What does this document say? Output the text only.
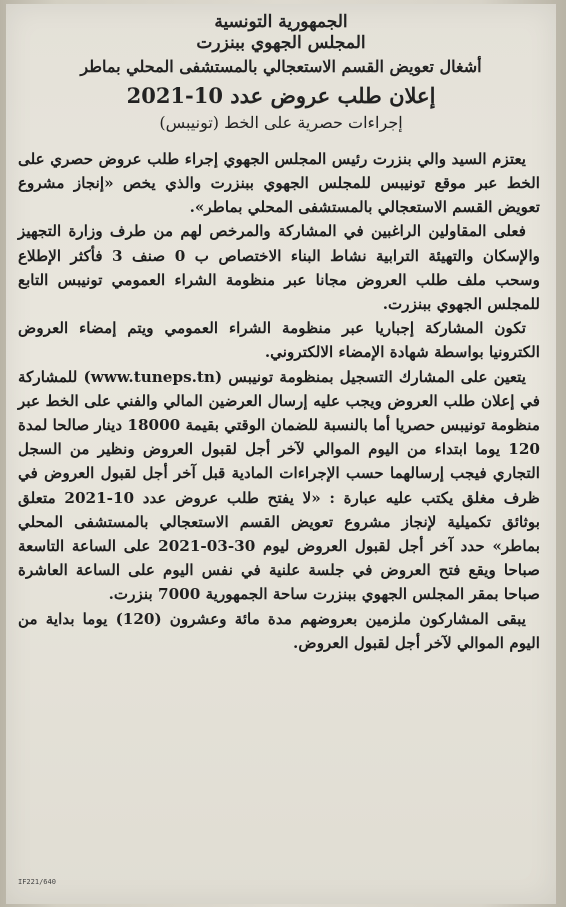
الجمهورية التونسية
المجلس الجهوي ببنزرت
أشغال تعويض القسم الاستعجالي بالمستشفى المحلي بماطر
إعلان طلب عروض عدد 10-2021
إجراءات حصرية على الخط (تونيبس)

يعتزم السيد والي بنزرت رئيس المجلس الجهوي إجراء طلب عروض حصري على الخط عبر موقع تونيبس للمجلس الجهوي ببنزرت والذي يخص «إنجاز مشروع تعويض القسم الاستعجالي بالمستشفى المحلي بماطر».

فعلى المقاولين الراغبين في المشاركة والمرخص لهم من طرف وزارة التجهيز والإسكان والتهيئة الترابية نشاط البناء الاختصاص ب 0 صنف 3 فأكثر الإطلاع وسحب ملف طلب العروض مجانا عبر منظومة الشراء العمومي تونيبس التابع للمجلس الجهوي ببنزرت.

تكون المشاركة إجباريا عبر منظومة الشراء العمومي ويتم إمضاء العروض الكترونيا بواسطة شهادة الإمضاء الالكتروني.

يتعين على المشارك التسجيل بمنظومة تونيبس (www.tuneps.tn) للمشاركة في إعلان طلب العروض ويجب عليه إرسال العرضين المالي والفني على الخط عبر منظومة تونيبس حصريا أما بالنسبة للضمان الوقتي بقيمة 18000 دينار صالحا لمدة 120 يوما ابتداء من اليوم الموالي لآخر أجل لقبول العروض ونظير من السجل التجاري فيجب إرسالهما حسب الإجراءات المادية قبل آخر أجل لقبول العروض في ظرف مغلق يكتب عليه عبارة : «لا يفتح طلب عروض عدد 10-2021 متعلق بوثائق تكميلية لإنجاز مشروع تعويض القسم الاستعجالي بالمستشفى المحلي بماطر» حدد آخر أجل لقبول العروض ليوم 30-03-2021 على الساعة التاسعة صباحا ويقع فتح العروض في جلسة علنية في نفس اليوم على الساعة العاشرة صباحا بمقر المجلس الجهوي ببنزرت ساحة الجمهورية 7000 بنزرت.

يبقى المشاركون ملزمين بعروضهم مدة مائة وعشرون (120) يوما بداية من اليوم الموالي لآخر أجل لقبول العروض.

IF221/640
